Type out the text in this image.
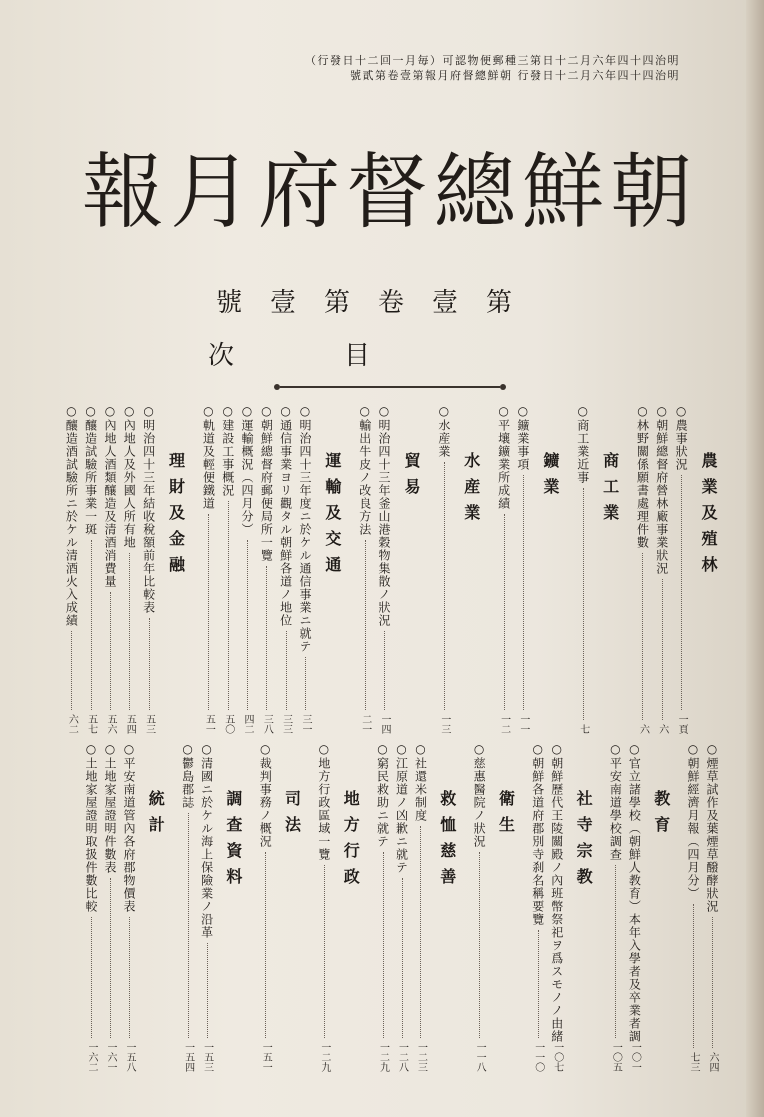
明治四十四年六月二十日第三種郵便物認可（毎月一回二十日發行）
明治四十四年六月二十日發行 朝鮮總督府月報第壹卷第貳號
朝鮮總督府月報
第壹卷第壹號
目次
農業及殖林
○農事狀況
一頁
○朝鮮總督府營林廠事業狀況
六
○林野關係願書處理件數
六
商工業
○商工業近事
七
鑛業
○鑛業事項
一一
○平壤鑛業所成績
一二
水産業
○水産業
一三
貿易
○明治四十三年釜山港穀物集散ノ狀況
一四
○輸出牛皮ノ改良方法
二一
運輸及交通
○明治四十三年度ニ於ケル通信事業ニ就テ
三一
○通信事業ヨリ觀タル朝鮮各道ノ地位
三三
○朝鮮總督府郵便局所一覽
三八
○運輸概況（四月分）
四二
○建設工事概況
五〇
○軌道及輕便鐵道
五一
理財及金融
○明治四十三年結收稅額前年比較表
五三
○內地人及外國人所有地
五四
○內地人酒類釀造及清酒消費量
五六
○釀造試驗所事業一斑
五七
○釀造酒試驗所ニ於ケル清酒火入成績
六二
○煙草試作及葉煙草醱酵狀況
六四
○朝鮮經濟月報（四月分）
七三
教育
○官立諸學校（朝鮮人教育）本年入學者及卒業者調
一〇一
○平安南道學校調查
一〇五
社寺宗教
○朝鮮歷代王陵關殿ノ內班幣祭祀ヲ爲スモノノ由緒
一〇七
○朝鮮各道府郡別寺刹名稱要覽
一一〇
衛生
○慈惠醫院ノ狀況
一一八
救恤慈善
○社還米制度
一二三
○江原道ノ凶歉ニ就テ
一二八
○窮民救助ニ就テ
一二九
地方行政
○地方行政區域一覽
一二九
司法
○裁判事務ノ概況
一五一
調查資料
○清國ニ於ケル海上保險業ノ沿革
一五三
○鬱島郡誌
一五四
統計
○平安南道管內各府郡物價表
一五八
○土地家屋證明件數表
一六一
○土地家屋證明取扱件數比較
一六二
